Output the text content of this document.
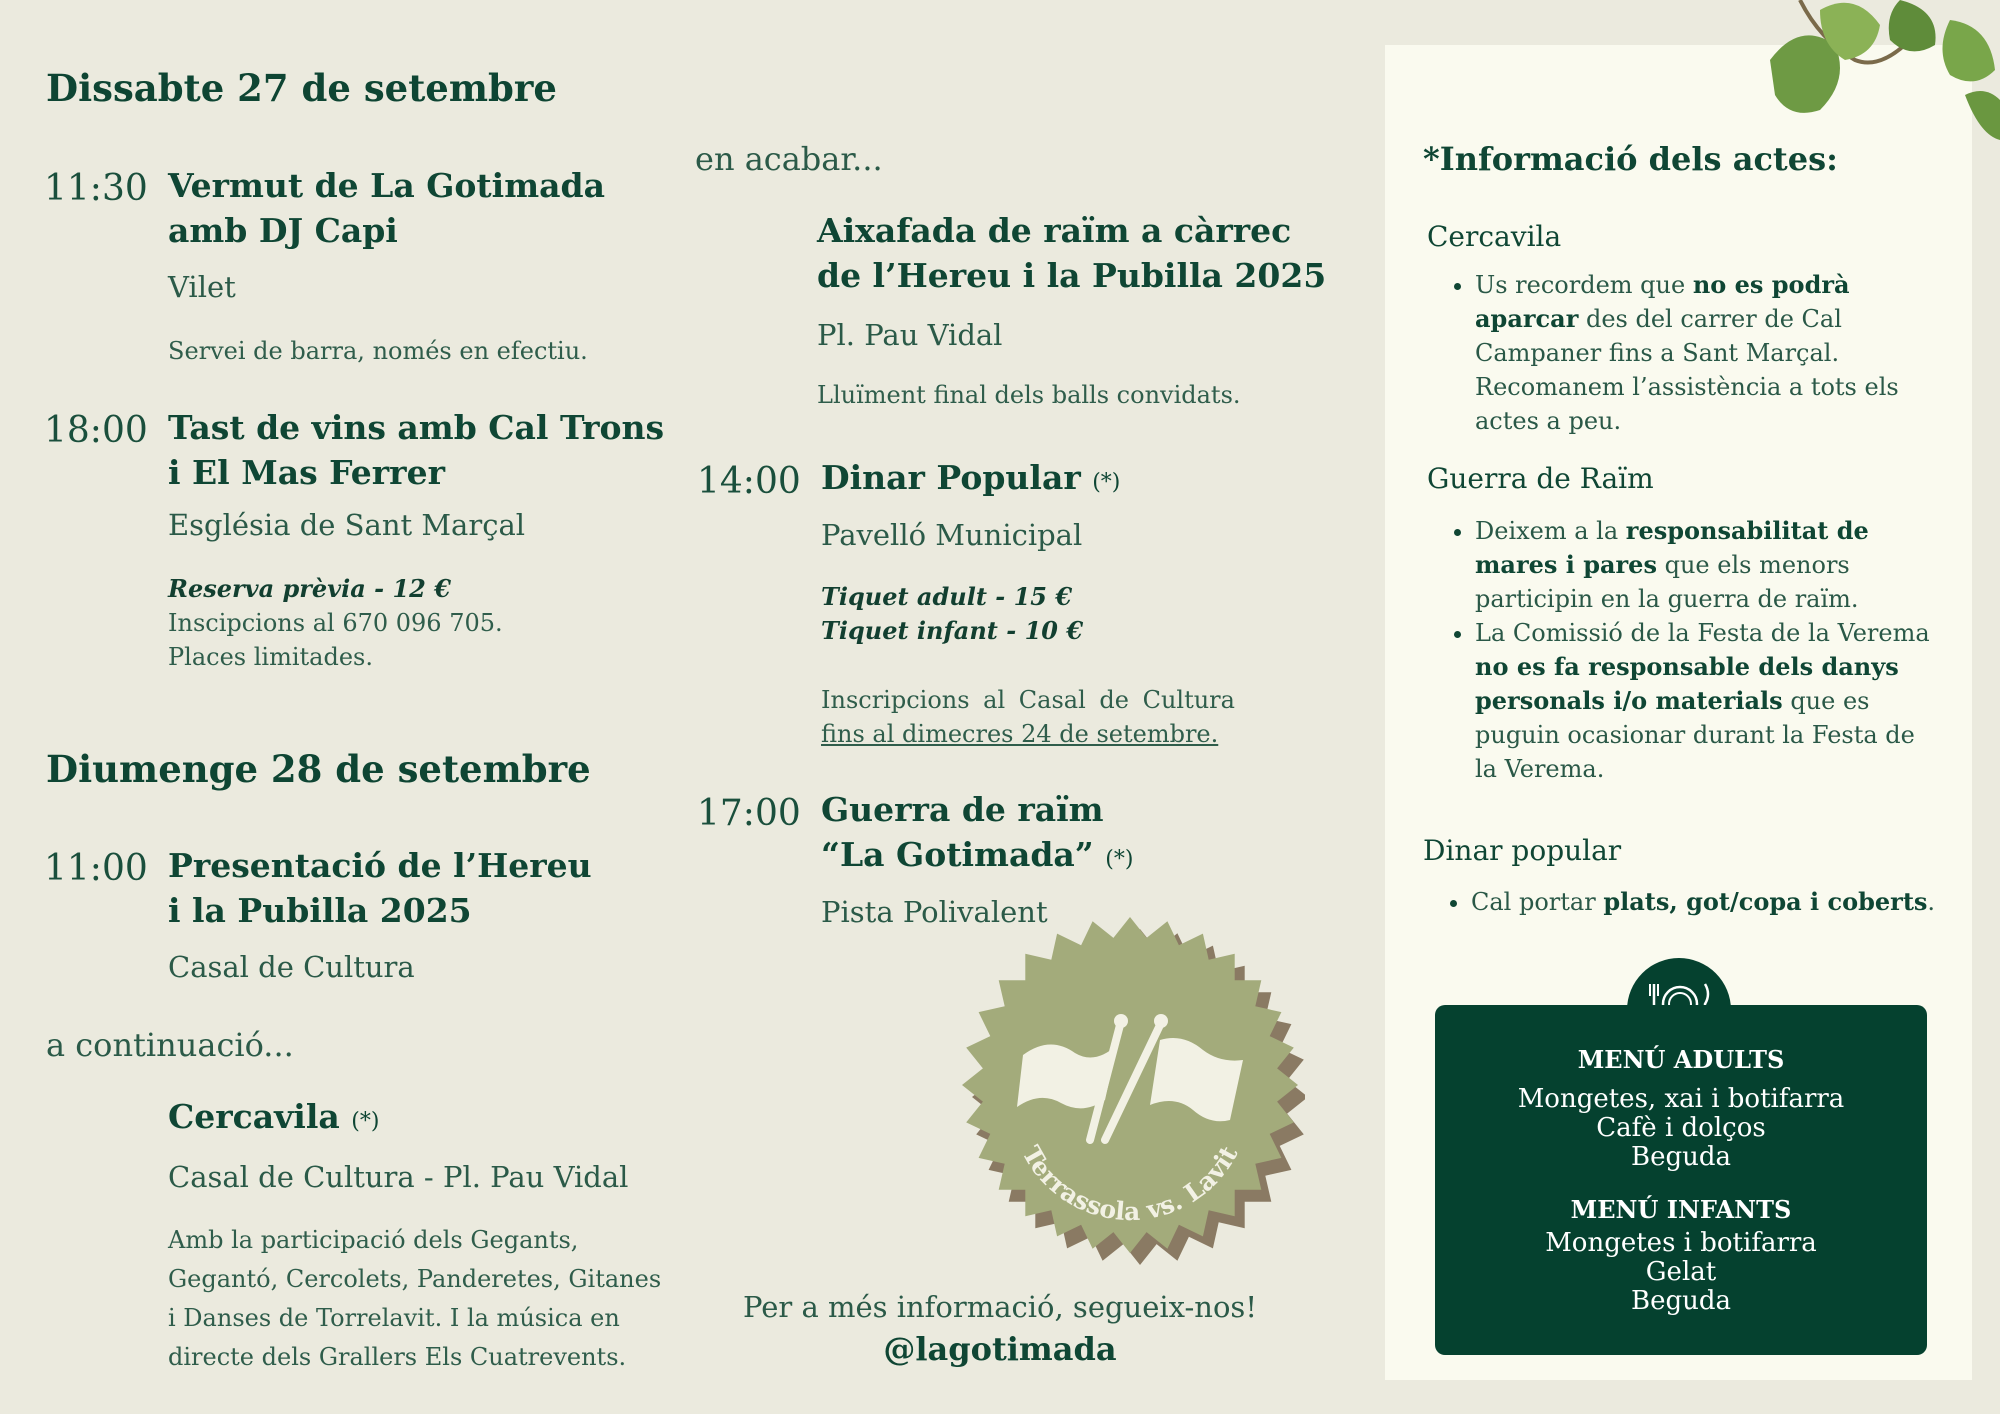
Dissabte 27 de setembre
11:30 Vermut de La Gotimada
amb DJ Capi
Vilet
Servei de barra, només en efectiu.
18:00 Tast de vins amb Cal Trons
i El Mas Ferrer
Església de Sant Marçal
Reserva prèvia - 12 €
Inscipcions al 670 096 705.
Places limitades.
Diumenge 28 de setembre
11:00 Presentació de l’Hereu
i la Pubilla 2025
Casal de Cultura
a continuació...
Cercavila (*)
Casal de Cultura - Pl. Pau Vidal
Amb la participació dels Gegants,
Gegantó, Cercolets, Panderetes, Gitanes
i Danses de Torrelavit. I la música en
directe dels Grallers Els Cuatrevents.
en acabar...
Aixafada de raïm a càrrec
de l’Hereu i la Pubilla 2025
Pl. Pau Vidal
Lluïment final dels balls convidats.
14:00 Dinar Popular (*)
Pavelló Municipal
Tiquet adult - 15 €
Tiquet infant - 10 €
Inscripcions al Casal de Cultura
fins al dimecres 24 de setembre.
17:00 Guerra de raïm
“La Gotimada” (*)
Pista Polivalent
Terrassola vs. Lavit
Per a més informació, segueix-nos!
@lagotimada
*Informació dels actes:
Cercavila
• Us recordem que no es podrà aparcar des del carrer de Cal Campaner fins a Sant Marçal. Recomanem l’assistència a tots els actes a peu.
Guerra de Raïm
• Deixem a la responsabilitat de mares i pares que els menors participin en la guerra de raïm.
• La Comissió de la Festa de la Verema no es fa responsable dels danys personals i/o materials que es puguin ocasionar durant la Festa de la Verema.
Dinar popular
• Cal portar plats, got/copa i coberts.
MENÚ ADULTS
Mongetes, xai i botifarra
Cafè i dolços
Beguda
MENÚ INFANTS
Mongetes i botifarra
Gelat
Beguda
